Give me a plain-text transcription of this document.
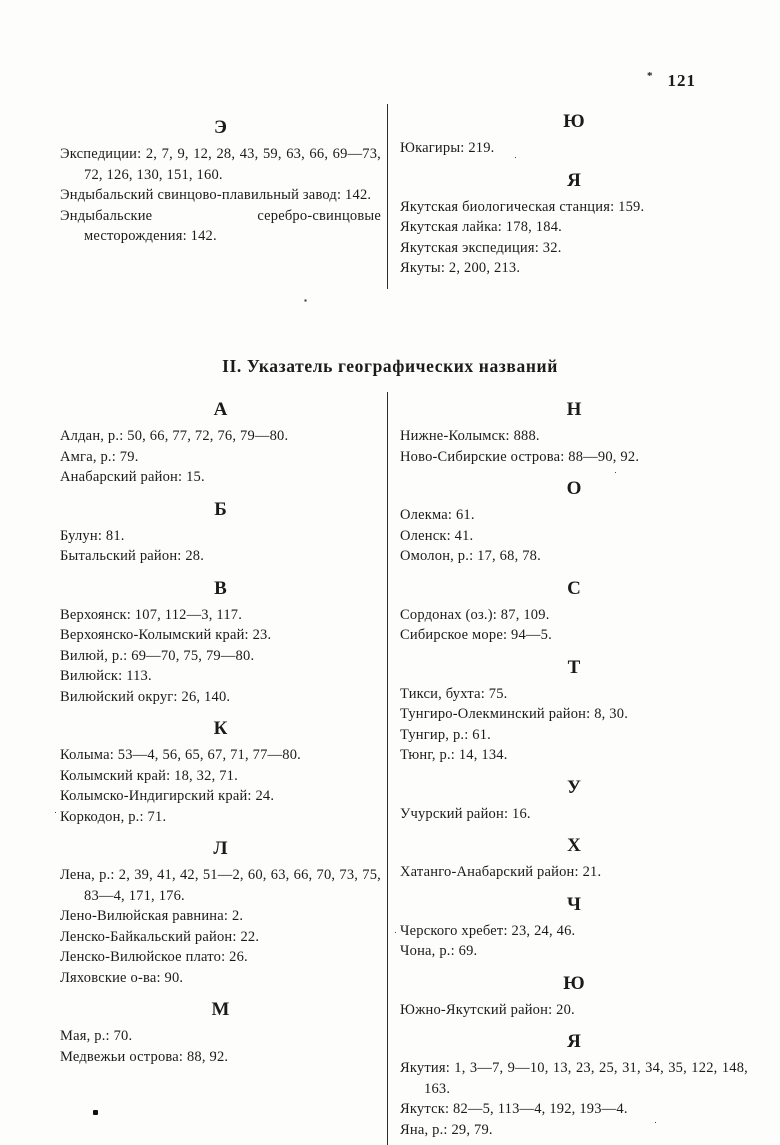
* 121
Э

Экспедиции: 2, 7, 9, 12, 28, 43, 59, 63, 66, 69—73, 72, 126, 130, 151, 160.

Эндыбальский свинцово-плавильный завод: 142.

Эндыбальские серебро-свинцовые месторождения: 142.

Ю

Юкагиры: 219.

Я

Якутская биологическая станция: 159.

Якутская лайка: 178, 184.

Якутская экспедиция: 32.

Якуты: 2, 200, 213.

II. Указатель географических названий
А

Алдан, р.: 50, 66, 77, 72, 76, 79—80.

Амга, р.: 79.

Анабарский район: 15.

Б

Булун: 81.

Бытальский район: 28.

В

Верхоянск: 107, 112—3, 117.

Верхоянско-Колымский край: 23.

Вилюй, р.: 69—70, 75, 79—80.

Вилюйск: 113.

Вилюйский округ: 26, 140.

К

Колыма: 53—4, 56, 65, 67, 71, 77—80.

Колымский край: 18, 32, 71.

Колымско-Индигирский край: 24.

Коркодон, р.: 71.

Л

Лена, р.: 2, 39, 41, 42, 51—2, 60, 63, 66, 70, 73, 75, 83—4, 171, 176.

Лено-Вилюйская равнина: 2.

Ленско-Байкальский район: 22.

Ленско-Вилюйское плато: 26.

Ляховские о-ва: 90.

М

Мая, р.: 70.

Медвежьи острова: 88, 92.

Н

Нижне-Колымск: 888.

Ново-Сибирские острова: 88—90, 92.

О

Олекма: 61.

Оленск: 41.

Омолон, р.: 17, 68, 78.

С

Сордонах (оз.): 87, 109.

Сибирское море: 94—5.

Т

Тикси, бухта: 75.

Тунгиро-Олекминский район: 8, 30.

Тунгир, р.: 61.

Тюнг, р.: 14, 134.

У

Учурский район: 16.

Х

Хатанго-Анабарский район: 21.

Ч

Черского хребет: 23, 24, 46.

Чона, р.: 69.

Ю

Южно-Якутский район: 20.

Я

Якутия: 1, 3—7, 9—10, 13, 23, 25, 31, 34, 35, 122, 148, 163.

Якутск: 82—5, 113—4, 192, 193—4.

Яна, р.: 29, 79.
